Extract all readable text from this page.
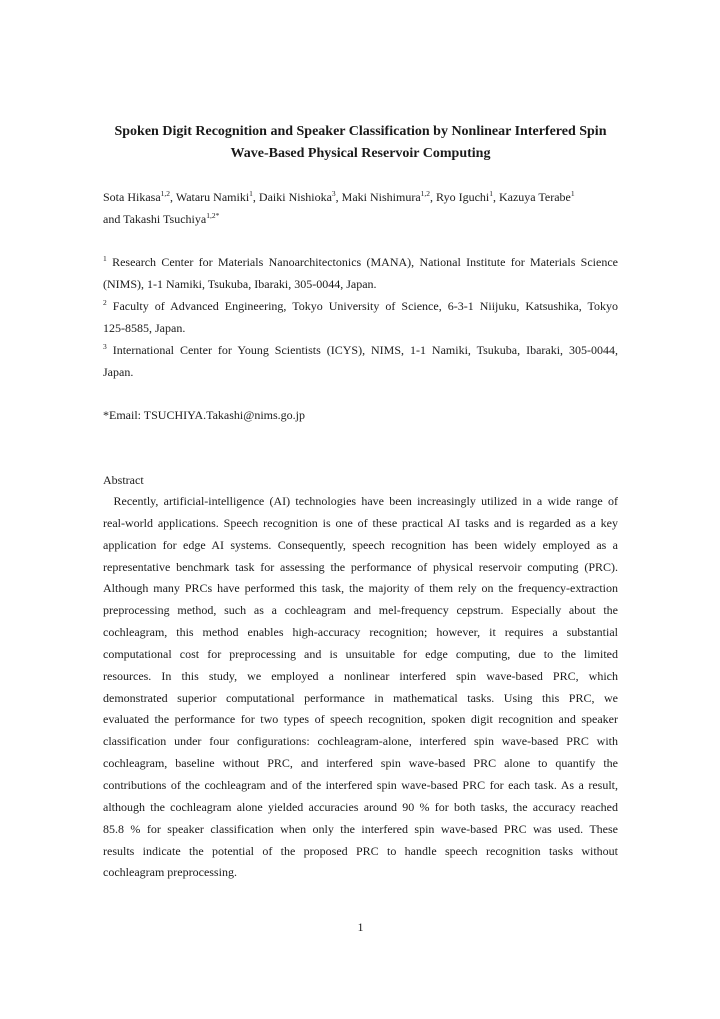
Spoken Digit Recognition and Speaker Classification by Nonlinear Interfered Spin
Wave-Based Physical Reservoir Computing
Sota Hikasa$^{1,2}$, Wataru Namiki$^1$, Daiki Nishioka$^3$, Maki Nishimura$^{1,2}$, Ryo Iguchi$^1$, Kazuya Terabe$^1$
and Takashi Tsuchiya$^{1,2*}$
$^1$ Research Center for Materials Nanoarchitectonics (MANA), National Institute for Materials Science
(NIMS), 1-1 Namiki, Tsukuba, Ibaraki, 305-0044, Japan.
$^2$ Faculty of Advanced Engineering, Tokyo University of Science, 6-3-1 Niijuku, Katsushika, Tokyo
125-8585, Japan.
$^3$ International Center for Young Scientists (ICYS), NIMS, 1-1 Namiki, Tsukuba, Ibaraki, 305-0044,
Japan.
*Email: TSUCHIYA.Takashi@nims.go.jp
Abstract
Recently, artificial-intelligence (AI) technologies have been increasingly utilized in a wide range of
real-world applications. Speech recognition is one of these practical AI tasks and is regarded as a key
application for edge AI systems. Consequently, speech recognition has been widely employed as a
representative benchmark task for assessing the performance of physical reservoir computing (PRC).
Although many PRCs have performed this task, the majority of them rely on the frequency-extraction
preprocessing method, such as a cochleagram and mel-frequency cepstrum. Especially about the
cochleagram, this method enables high-accuracy recognition; however, it requires a substantial
computational cost for preprocessing and is unsuitable for edge computing, due to the limited
resources. In this study, we employed a nonlinear interfered spin wave-based PRC, which
demonstrated superior computational performance in mathematical tasks. Using this PRC, we
evaluated the performance for two types of speech recognition, spoken digit recognition and speaker
classification under four configurations: cochleagram-alone, interfered spin wave-based PRC with
cochleagram, baseline without PRC, and interfered spin wave-based PRC alone to quantify the
contributions of the cochleagram and of the interfered spin wave-based PRC for each task. As a result,
although the cochleagram alone yielded accuracies around 90 % for both tasks, the accuracy reached
85.8 % for speaker classification when only the interfered spin wave-based PRC was used. These
results indicate the potential of the proposed PRC to handle speech recognition tasks without
cochleagram preprocessing.
1
